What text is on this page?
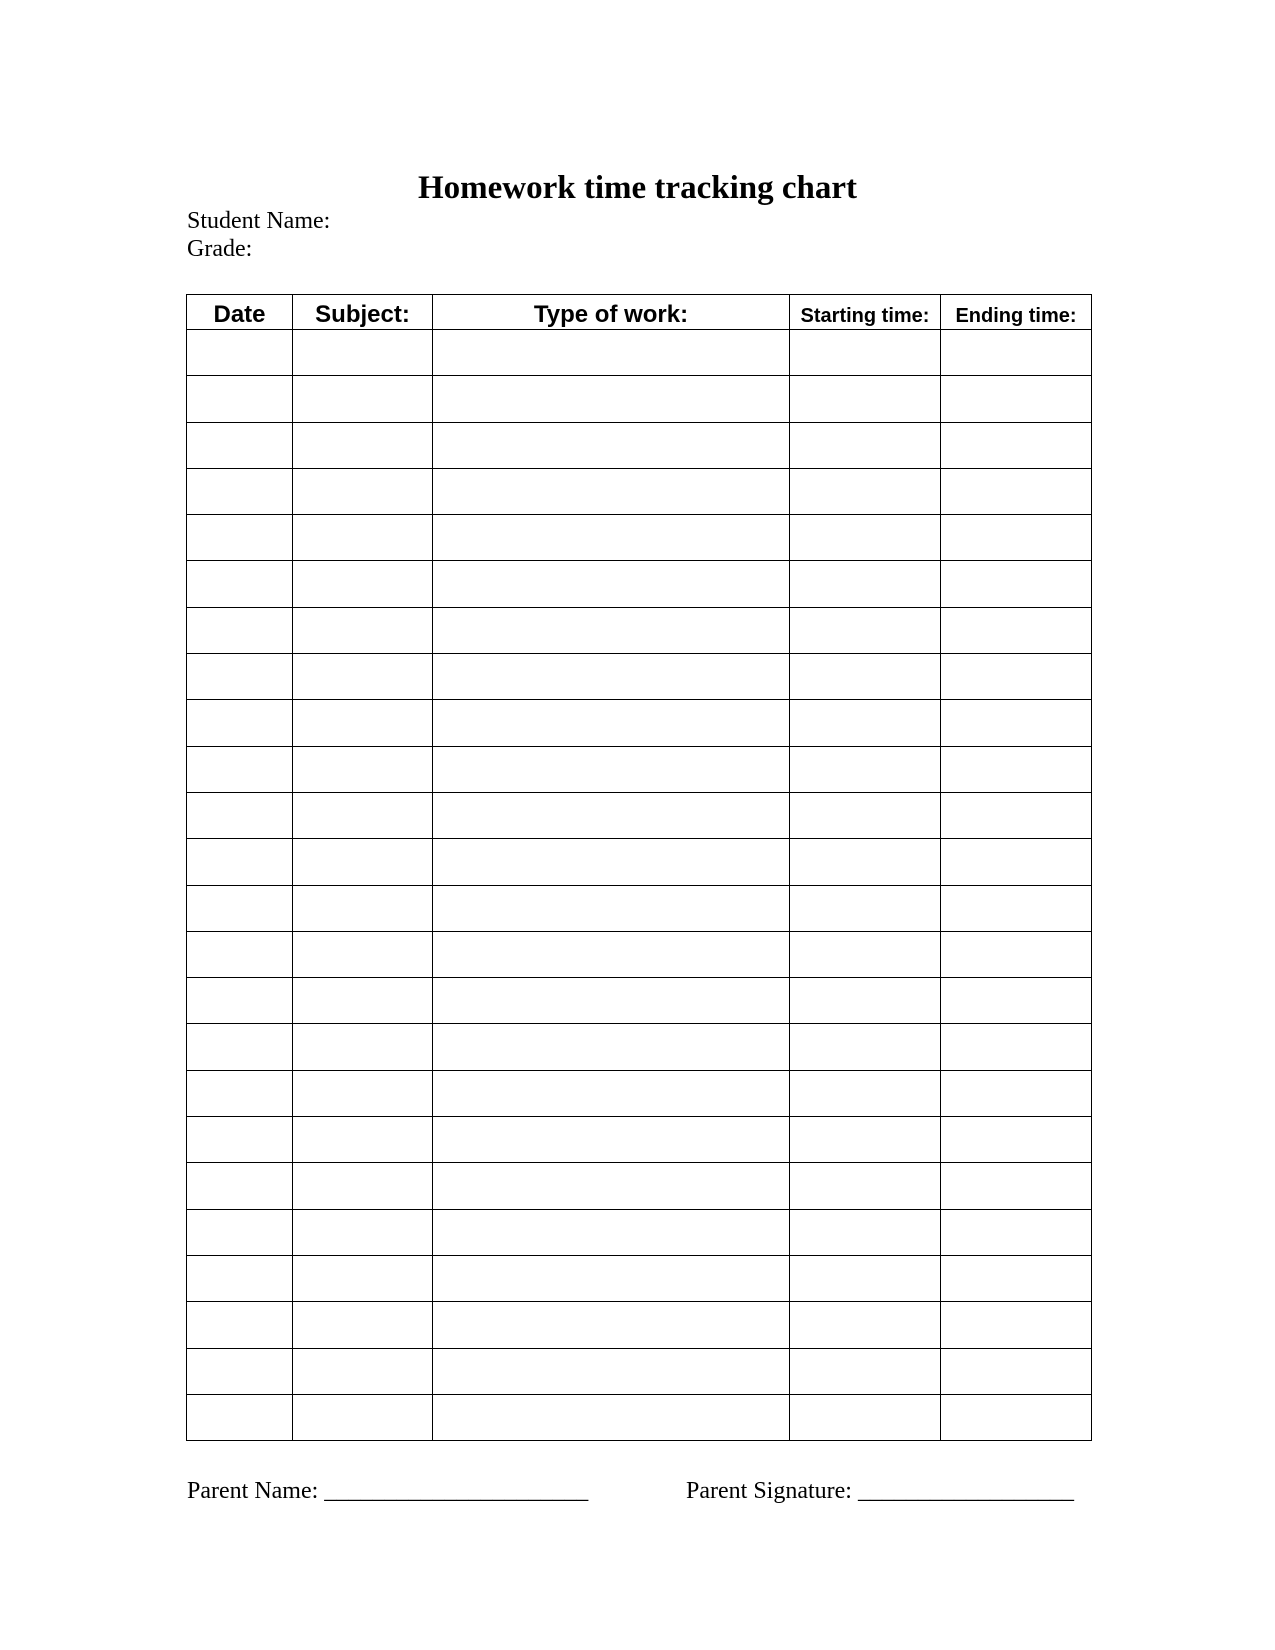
Homework time tracking chart
Student Name:
Grade:
Date	Subject:	Type of work:	Starting time:	Ending time:

Parent Name: ______________________	Parent Signature: __________________
